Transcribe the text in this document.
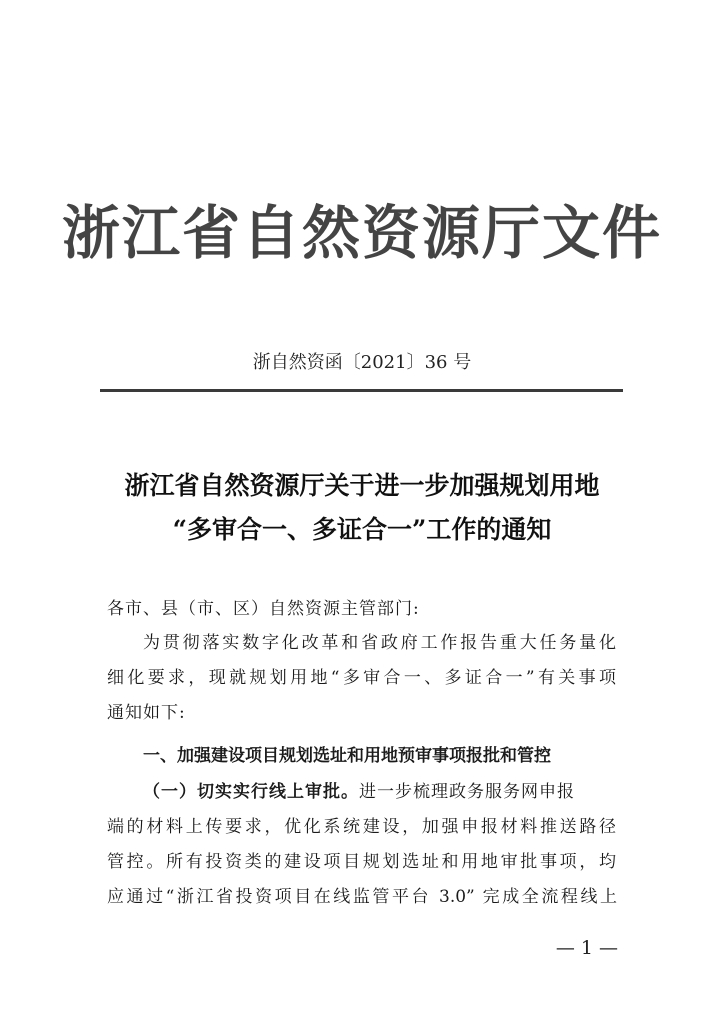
浙江省自然资源厅文件
浙自然资函〔2021〕36 号
浙江省自然资源厅关于进一步加强规划用地
“多审合一、多证合一”工作的通知
各市、县（市、区）自然资源主管部门:
为贯彻落实数字化改革和省政府工作报告重大任务量化
细化要求，现就规划用地“多审合一、多证合一”有关事项
通知如下:
一、加强建设项目规划选址和用地预审事项报批和管控
（一）切实实行线上审批。进一步梳理政务服务网申报
端的材料上传要求，优化系统建设，加强申报材料推送路径
管控。所有投资类的建设项目规划选址和用地审批事项，均
应通过“浙江省投资项目在线监管平台 3.0” 完成全流程线上
— 1 —
